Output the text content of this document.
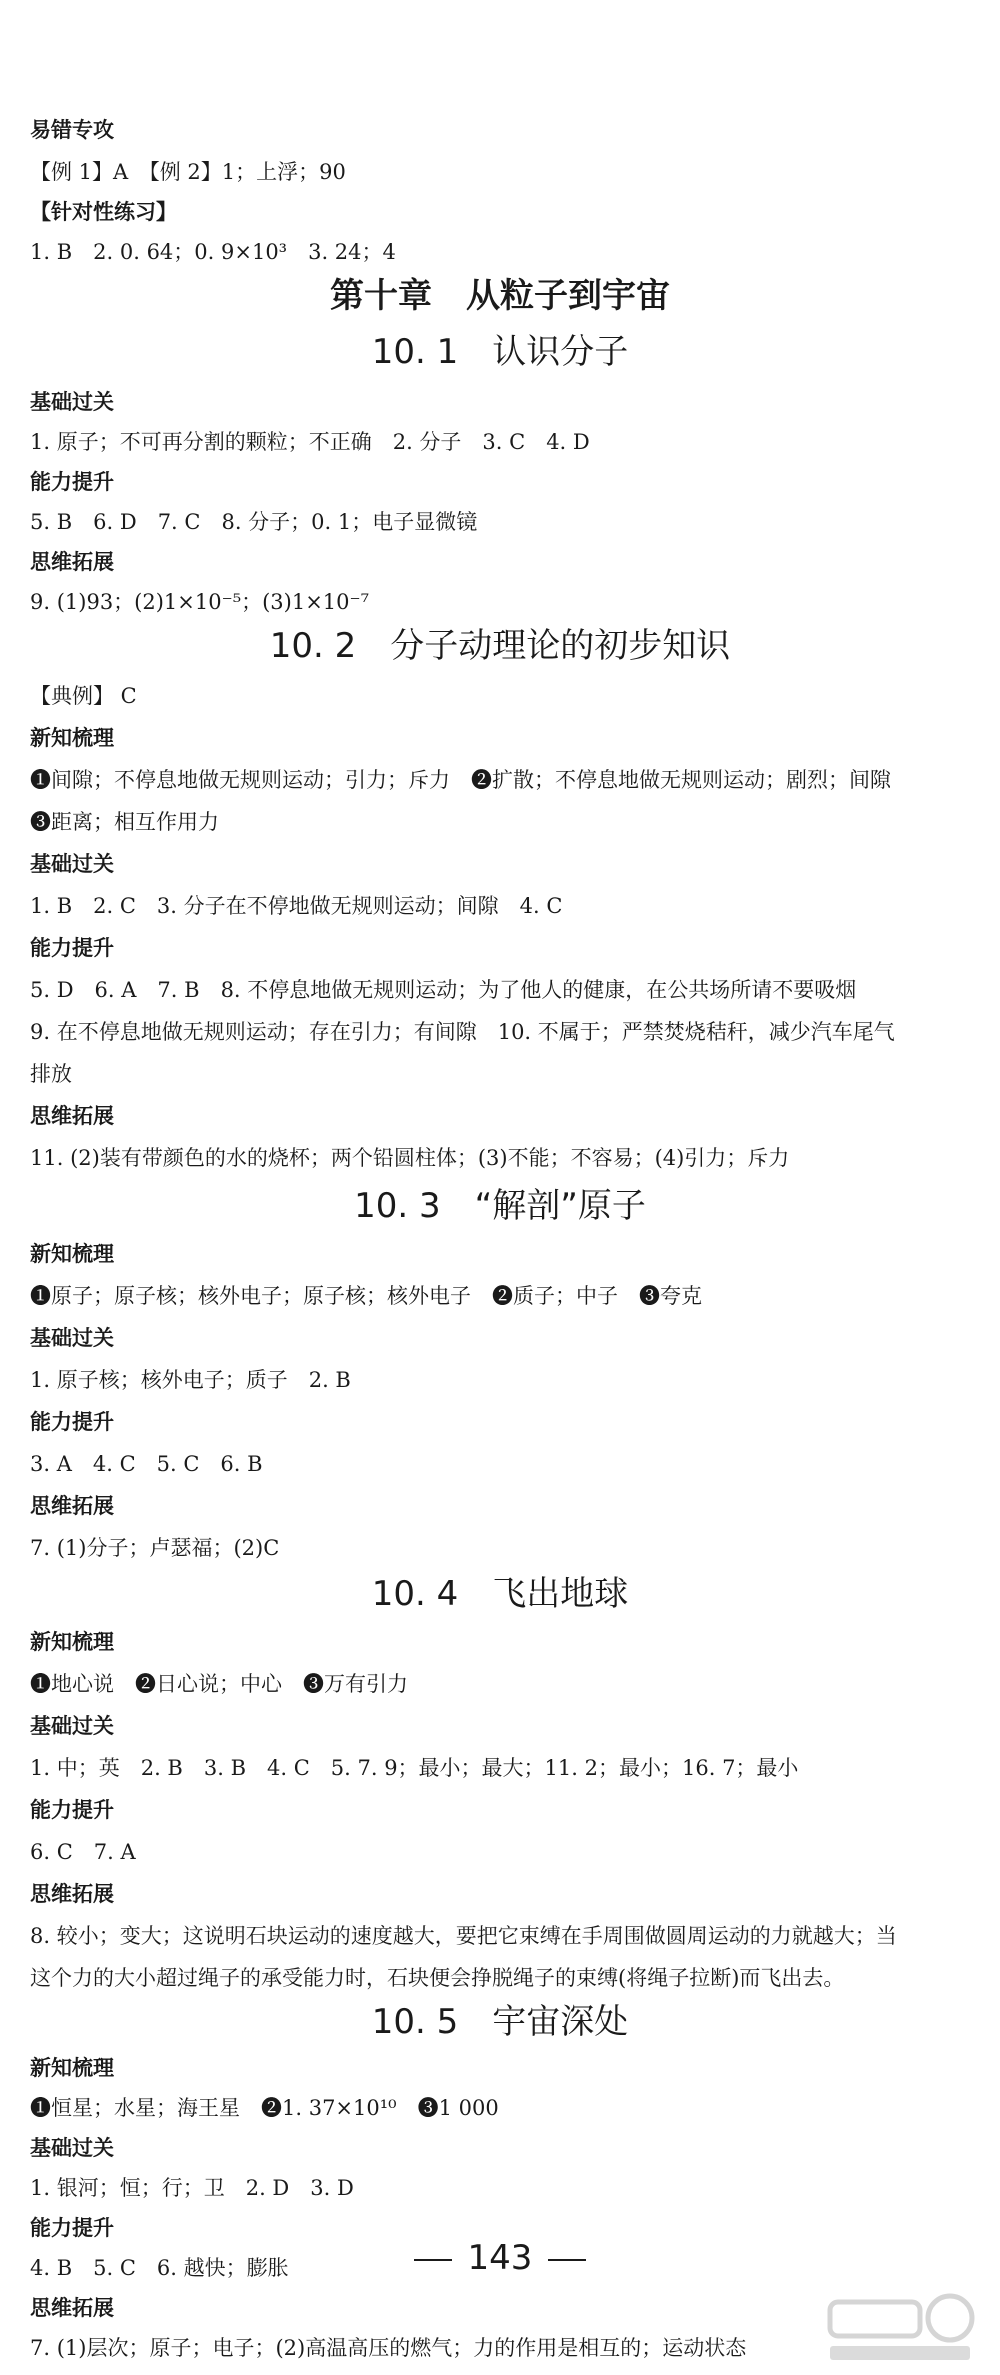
易错专攻
【例 1】A　【例 2】1；上浮；90
【针对性练习】
1. B　2. 0. 64；0. 9×10³　3. 24；4
第十章　从粒子到宇宙
10. 1　认识分子
基础过关
1. 原子；不可再分割的颗粒；不正确　2. 分子　3. C　4. D
能力提升
5. B　6. D　7. C　8. 分子；0. 1；电子显微镜
思维拓展
9. (1)93；(2)1×10⁻⁵；(3)1×10⁻⁷
10. 2　分子动理论的初步知识
【典例】 C
新知梳理
❶间隙；不停息地做无规则运动；引力；斥力　❷扩散；不停息地做无规则运动；剧烈；间隙
❸距离；相互作用力
基础过关
1. B　2. C　3. 分子在不停地做无规则运动；间隙　4. C
能力提升
5. D　6. A　7. B　8. 不停息地做无规则运动；为了他人的健康，在公共场所请不要吸烟
9. 在不停息地做无规则运动；存在引力；有间隙　10. 不属于；严禁焚烧秸秆，减少汽车尾气
排放
思维拓展
11. (2)装有带颜色的水的烧杯；两个铅圆柱体；(3)不能；不容易；(4)引力；斥力
10. 3　“解剖”原子
新知梳理
❶原子；原子核；核外电子；原子核；核外电子　❷质子；中子　❸夸克
基础过关
1. 原子核；核外电子；质子　2. B
能力提升
3. A　4. C　5. C　6. B
思维拓展
7. (1)分子；卢瑟福；(2)C
10. 4　飞出地球
新知梳理
❶地心说　❷日心说；中心　❸万有引力
基础过关
1. 中；英　2. B　3. B　4. C　5. 7. 9；最小；最大；11. 2；最小；16. 7；最小
能力提升
6. C　7. A
思维拓展
8. 较小；变大；这说明石块运动的速度越大，要把它束缚在手周围做圆周运动的力就越大；当
这个力的大小超过绳子的承受能力时，石块便会挣脱绳子的束缚(将绳子拉断)而飞出去。
10. 5　宇宙深处
新知梳理
❶恒星；水星；海王星　❷1. 37×10¹⁰　❸1 000
基础过关
1. 银河；恒；行；卫　2. D　3. D
能力提升
4. B　5. C　6. 越快；膨胀
思维拓展
7. (1)层次；原子；电子；(2)高温高压的燃气；力的作用是相互的；运动状态
143
